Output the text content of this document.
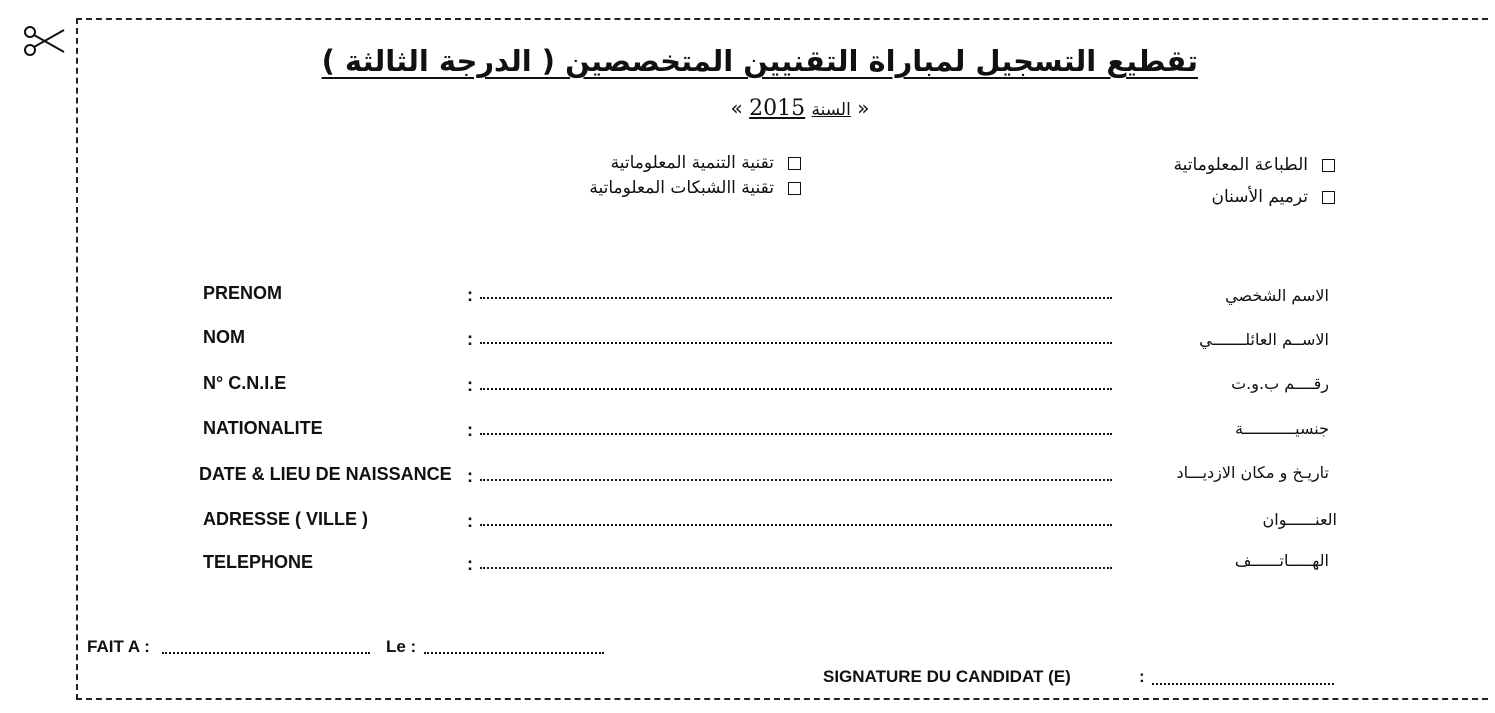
تقطيع التسجيل لمباراة التقنيين المتخصصين ( الدرجة الثالثة )
« السنة 2015 »
الطباعة المعلوماتية
ترميم الأسنان
تقنية التنمية المعلوماتية
تقنية االشبكات المعلوماتية
PRENOM	:	الاسم الشخصي
NOM	:	الاســم العائلـــــــي
N° C.N.I.E	:	رقــــم ب.و.ت
NATIONALITE	:	جنسيـــــــــــة
DATE & LIEU DE NAISSANCE :	تاريـخ و مكان الازديـــاد
ADRESSE ( VILLE )	:	العنــــــوان
TELEPHONE	:	الهـــــاتــــــف
FAIT A :	Le :
SIGNATURE DU CANDIDAT (E)	:
